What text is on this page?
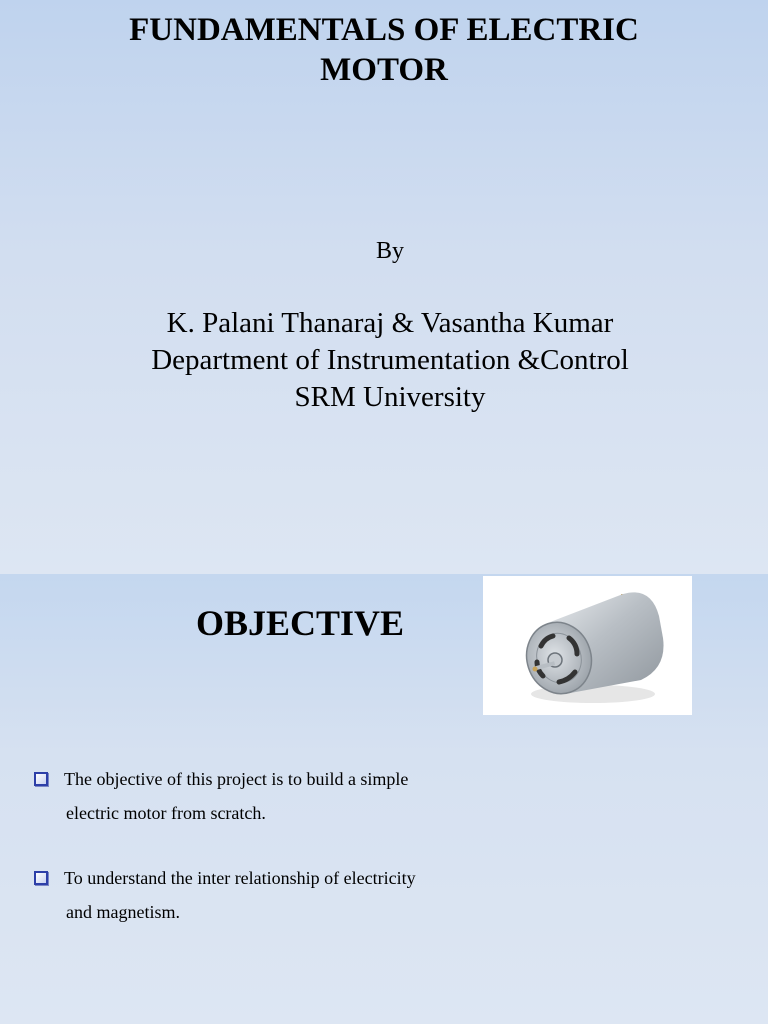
FUNDAMENTALS OF ELECTRIC
MOTOR
By
K. Palani Thanaraj & Vasantha Kumar
Department of Instrumentation &Control
SRM University
OBJECTIVE
The objective of this project is to build a simple
electric motor from scratch.
To understand the inter relationship of electricity
and magnetism.
